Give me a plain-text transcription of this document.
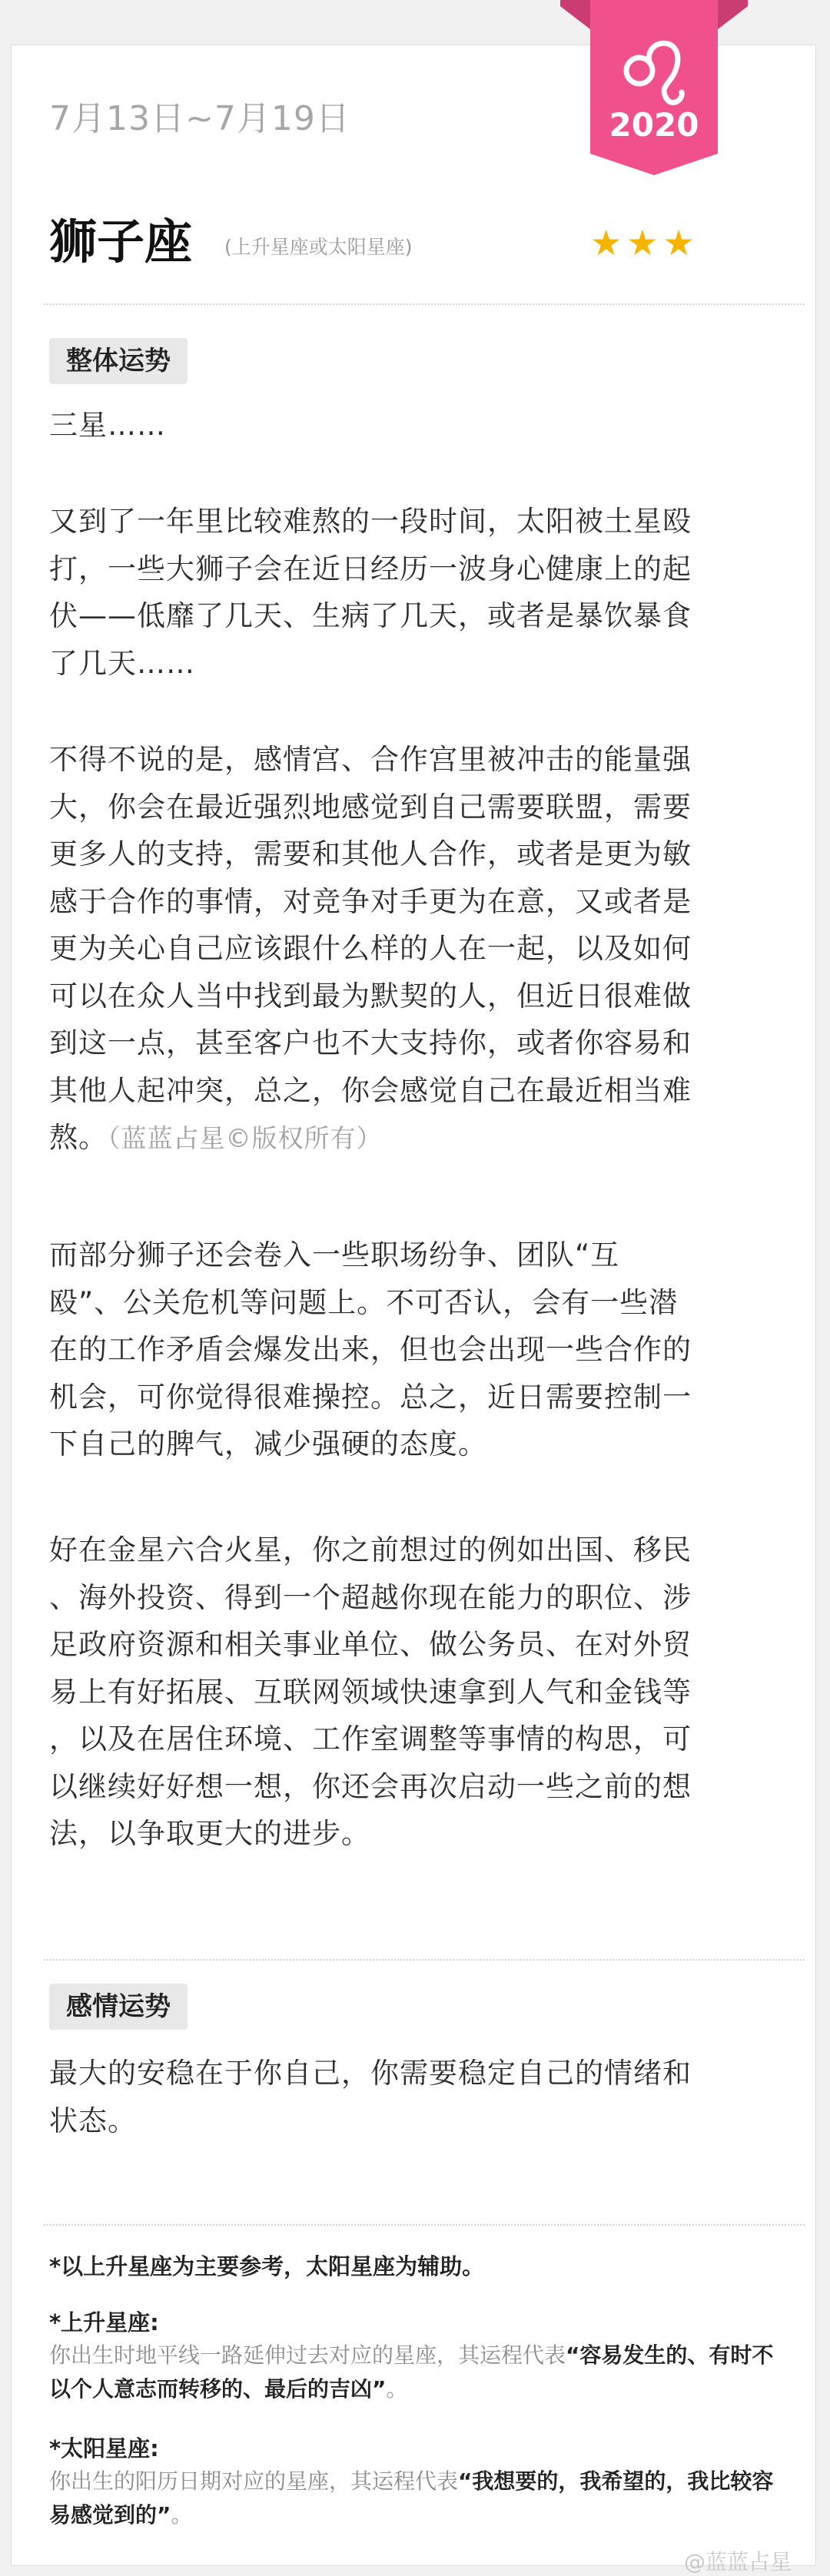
2020
7月13日~7月19日
狮子座 (上升星座或太阳星座)	★★★
整体运势

三星……

又到了一年里比较难熬的一段时间，太阳被土星殴
打，一些大狮子会在近日经历一波身心健康上的起
伏——低靡了几天、生病了几天，或者是暴饮暴食
了几天……

不得不说的是，感情宫、合作宫里被冲击的能量强
大，你会在最近强烈地感觉到自己需要联盟，需要
更多人的支持，需要和其他人合作，或者是更为敏
感于合作的事情，对竞争对手更为在意，又或者是
更为关心自己应该跟什么样的人在一起，以及如何
可以在众人当中找到最为默契的人，但近日很难做
到这一点，甚至客户也不大支持你，或者你容易和
其他人起冲突，总之，你会感觉自己在最近相当难
熬。（蓝蓝占星©版权所有）

而部分狮子还会卷入一些职场纷争、团队“互
殴”、公关危机等问题上。不可否认，会有一些潜
在的工作矛盾会爆发出来，但也会出现一些合作的
机会，可你觉得很难操控。总之，近日需要控制一
下自己的脾气，减少强硬的态度。

好在金星六合火星，你之前想过的例如出国、移民
、海外投资、得到一个超越你现在能力的职位、涉
足政府资源和相关事业单位、做公务员、在对外贸
易上有好拓展、互联网领域快速拿到人气和金钱等
，以及在居住环境、工作室调整等事情的构思，可
以继续好好想一想，你还会再次启动一些之前的想
法，以争取更大的进步。

感情运势

最大的安稳在于你自己，你需要稳定自己的情绪和
状态。

*以上升星座为主要参考，太阳星座为辅助。
*上升星座:
你出生时地平线一路延伸过去对应的星座，其运程代表“容易发生的、有时不以个人意志而转移的、最后的吉凶”。
*太阳星座:
你出生的阳历日期对应的星座，其运程代表“我想要的，我希望的，我比较容易感觉到的”。
@蓝蓝占星
